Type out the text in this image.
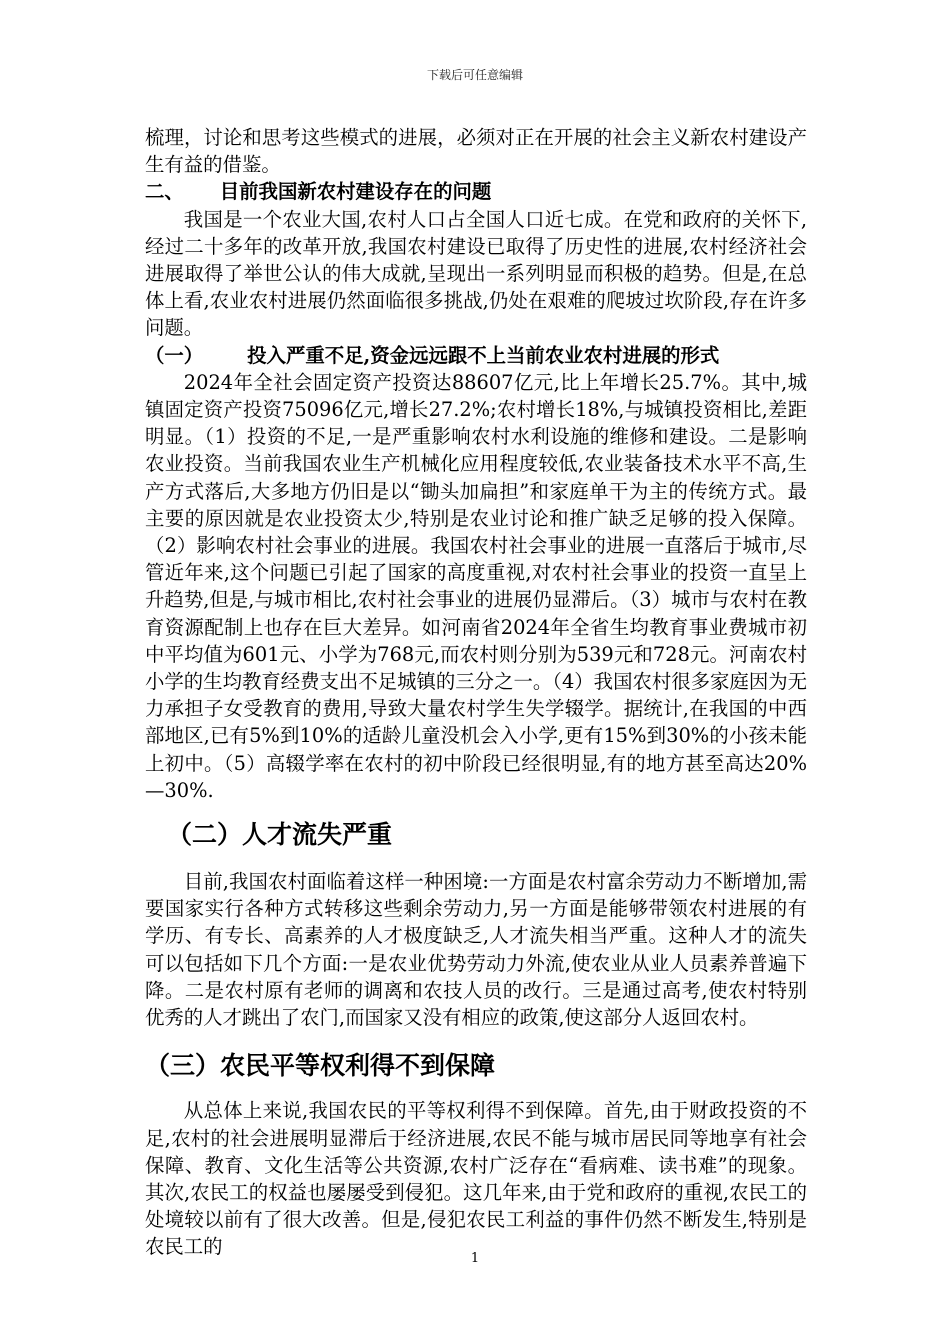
下载后可任意编辑

梳理，讨论和思考这些模式的进展，必须对正在开展的社会主义新农村建设产生有益的借鉴。

二、 目前我国新农村建设存在的问题

我国是一个农业大国,农村人口占全国人口近七成。在党和政府的关怀下,经过二十多年的改革开放,我国农村建设已取得了历史性的进展,农村经济社会进展取得了举世公认的伟大成就,呈现出一系列明显而积极的趋势。但是,在总体上看,农业农村进展仍然面临很多挑战,仍处在艰难的爬坡过坎阶段,存在许多问题。

（一） 投入严重不足,资金远远跟不上当前农业农村进展的形式

2024年全社会固定资产投资达88607亿元,比上年增长25.7%。其中,城镇固定资产投资75096亿元,增长27.2%;农村增长18%,与城镇投资相比,差距明显。（1）投资的不足,一是严重影响农村水利设施的维修和建设。二是影响农业投资。当前我国农业生产机械化应用程度较低,农业装备技术水平不高,生产方式落后,大多地方仍旧是以“锄头加扁担”和家庭单干为主的传统方式。最主要的原因就是农业投资太少,特别是农业讨论和推广缺乏足够的投入保障。（2）影响农村社会事业的进展。我国农村社会事业的进展一直落后于城市,尽管近年来,这个问题已引起了国家的高度重视,对农村社会事业的投资一直呈上升趋势,但是,与城市相比,农村社会事业的进展仍显滞后。（3）城市与农村在教育资源配制上也存在巨大差异。如河南省2024年全省生均教育事业费城市初中平均值为601元、小学为768元,而农村则分别为539元和728元。河南农村小学的生均教育经费支出不足城镇的三分之一。（4）我国农村很多家庭因为无力承担子女受教育的费用,导致大量农村学生失学辍学。据统计,在我国的中西部地区,已有5%到10%的适龄儿童没机会入小学,更有15%到30%的小孩未能上初中。（5）高辍学率在农村的初中阶段已经很明显,有的地方甚至高达20%—30%.

（二）人才流失严重

目前,我国农村面临着这样一种困境:一方面是农村富余劳动力不断增加,需要国家实行各种方式转移这些剩余劳动力,另一方面是能够带领农村进展的有学历、有专长、高素养的人才极度缺乏,人才流失相当严重。这种人才的流失可以包括如下几个方面:一是农业优势劳动力外流,使农业从业人员素养普遍下降。二是农村原有老师的调离和农技人员的改行。三是通过高考,使农村特别优秀的人才跳出了农门,而国家又没有相应的政策,使这部分人返回农村。

（三）农民平等权利得不到保障

从总体上来说,我国农民的平等权利得不到保障。首先,由于财政投资的不足,农村的社会进展明显滞后于经济进展,农民不能与城市居民同等地享有社会保障、教育、文化生活等公共资源,农村广泛存在“看病难、读书难”的现象。其次,农民工的权益也屡屡受到侵犯。这几年来,由于党和政府的重视,农民工的处境较以前有了很大改善。但是,侵犯农民工利益的事件仍然不断发生,特别是农民工的

1
